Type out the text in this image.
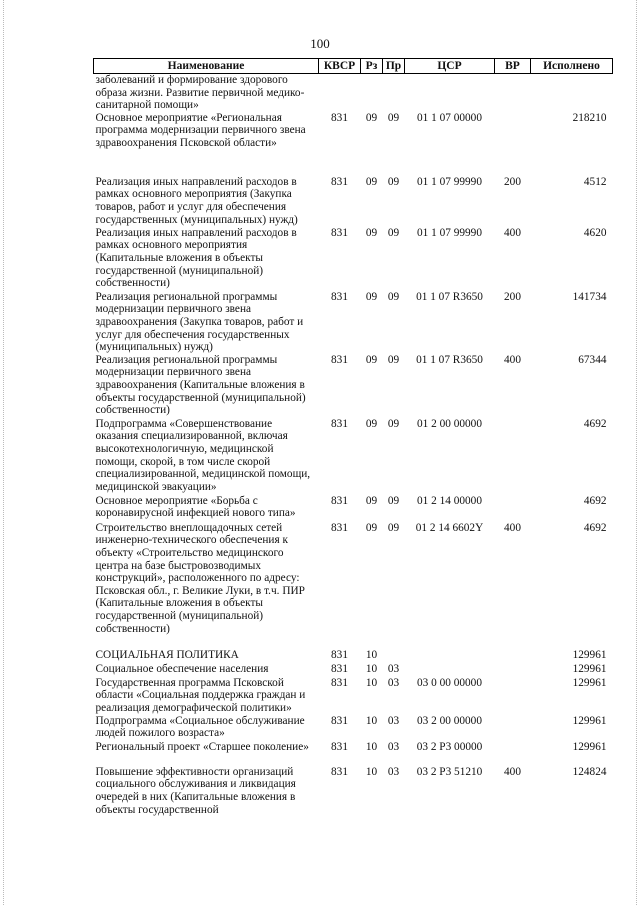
100
Наименование	КВСР	Рз	Пр	ЦСР	ВР	Исполнено
заболеваний и формирование здорового образа жизни. Развитие первичной медико-санитарной помощи»						
Основное мероприятие «Региональная программа модернизации первичного звена здравоохранения Псковской области»	831	09	09	01 1 07 00000		218210
Реализация иных направлений расходов в рамках основного мероприятия (Закупка товаров, работ и услуг для обеспечения государственных (муниципальных) нужд)	831	09	09	01 1 07 99990	200	4512
Реализация иных направлений расходов в рамках основного мероприятия (Капитальные вложения в объекты государственной (муниципальной) собственности)	831	09	09	01 1 07 99990	400	4620
Реализация региональной программы модернизации первичного звена здравоохранения (Закупка товаров, работ и услуг для обеспечения государственных (муниципальных) нужд)	831	09	09	01 1 07 R3650	200	141734
Реализация региональной программы модернизации первичного звена здравоохранения (Капитальные вложения в объекты государственной (муниципальной) собственности)	831	09	09	01 1 07 R3650	400	67344
Подпрограмма «Совершенствование оказания специализированной, включая высокотехнологичную, медицинской помощи, скорой, в том числе скорой специализированной, медицинской помощи, медицинской эвакуации»	831	09	09	01 2 00 00000		4692
Основное мероприятие «Борьба с коронавирусной инфекцией нового типа»	831	09	09	01 2 14 00000		4692
Строительство внеплощадочных сетей инженерно-технического обеспечения к объекту «Строительство медицинского центра на базе быстровозводимых конструкций», расположенного по адресу: Псковская обл., г. Великие Луки, в т.ч. ПИР (Капитальные вложения в объекты государственной (муниципальной) собственности)	831	09	09	01 2 14 6602Y	400	4692
СОЦИАЛЬНАЯ ПОЛИТИКА	831	10				129961
Социальное обеспечение населения	831	10	03			129961
Государственная программа Псковской области «Социальная поддержка граждан и реализация демографической политики»	831	10	03	03 0 00 00000		129961
Подпрограмма «Социальное обслуживание людей пожилого возраста»	831	10	03	03 2 00 00000		129961
Региональный проект «Старшее поколение»	831	10	03	03 2 P3 00000		129961
Повышение эффективности организаций социального обслуживания и ликвидация очередей в них (Капитальные вложения в объекты государственной	831	10	03	03 2 P3 51210	400	124824
